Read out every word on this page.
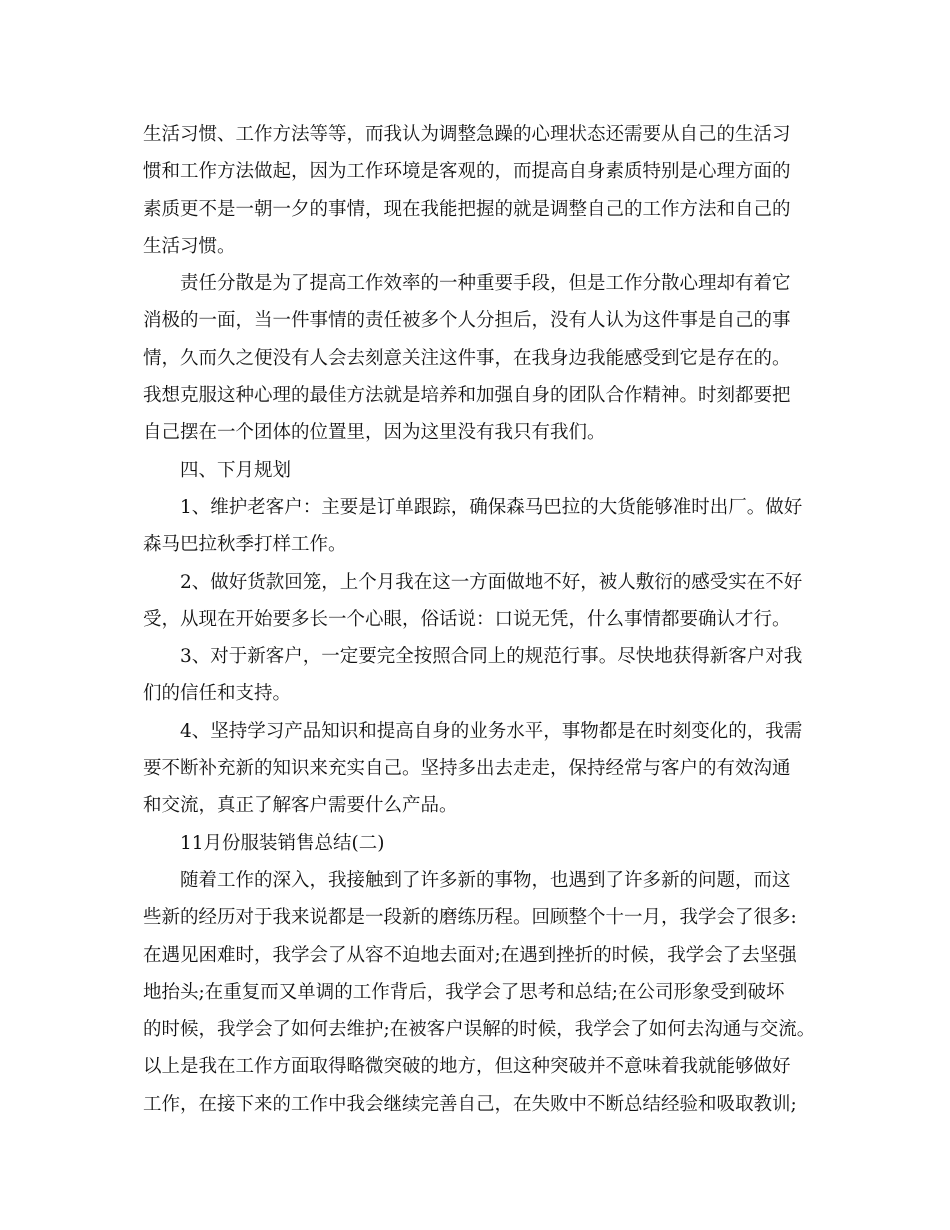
生活习惯、工作方法等等，而我认为调整急躁的心理状态还需要从自己的生活习
惯和工作方法做起，因为工作环境是客观的，而提高自身素质特别是心理方面的
素质更不是一朝一夕的事情，现在我能把握的就是调整自己的工作方法和自己的
生活习惯。
责任分散是为了提高工作效率的一种重要手段，但是工作分散心理却有着它
消极的一面，当一件事情的责任被多个人分担后，没有人认为这件事是自己的事
情，久而久之便没有人会去刻意关注这件事，在我身边我能感受到它是存在的。
我想克服这种心理的最佳方法就是培养和加强自身的团队合作精神。时刻都要把
自己摆在一个团体的位置里，因为这里没有我只有我们。
四、下月规划
1、维护老客户：主要是订单跟踪，确保森马巴拉的大货能够准时出厂。做好
森马巴拉秋季打样工作。
2、做好货款回笼，上个月我在这一方面做地不好，被人敷衍的感受实在不好
受，从现在开始要多长一个心眼，俗话说：口说无凭，什么事情都要确认才行。
3、对于新客户，一定要完全按照合同上的规范行事。尽快地获得新客户对我
们的信任和支持。
4、坚持学习产品知识和提高自身的业务水平，事物都是在时刻变化的，我需
要不断补充新的知识来充实自己。坚持多出去走走，保持经常与客户的有效沟通
和交流，真正了解客户需要什么产品。
11月份服装销售总结(二)
随着工作的深入，我接触到了许多新的事物，也遇到了许多新的问题，而这
些新的经历对于我来说都是一段新的磨练历程。回顾整个十一月，我学会了很多:
在遇见困难时，我学会了从容不迫地去面对;在遇到挫折的时候，我学会了去坚强
地抬头;在重复而又单调的工作背后，我学会了思考和总结;在公司形象受到破坏
的时候，我学会了如何去维护;在被客户误解的时候，我学会了如何去沟通与交流。
以上是我在工作方面取得略微突破的地方，但这种突破并不意味着我就能够做好
工作，在接下来的工作中我会继续完善自己，在失败中不断总结经验和吸取教训;
